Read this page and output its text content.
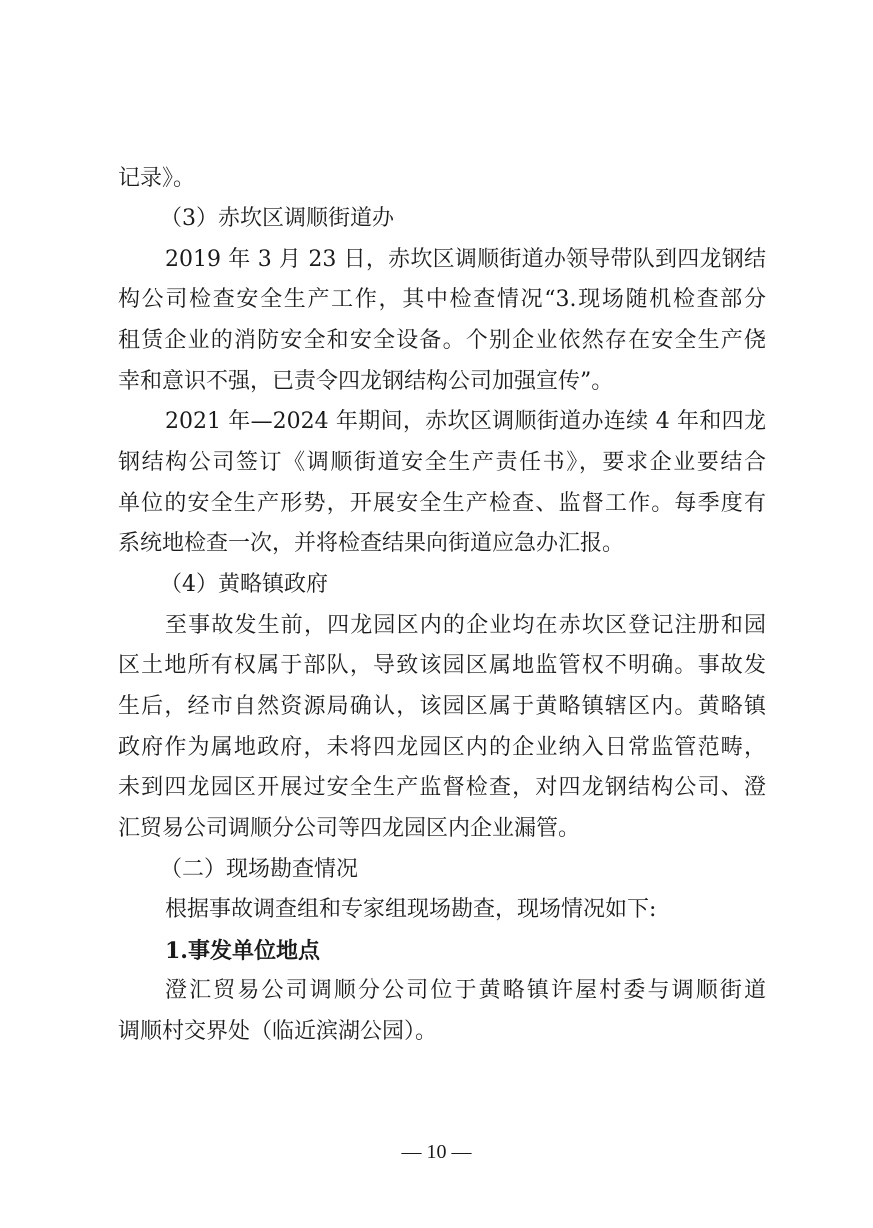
记录》。
（3）赤坎区调顺街道办
2019 年 3 月 23 日，赤坎区调顺街道办领导带队到四龙钢结
构公司检查安全生产工作，其中检查情况“3.现场随机检查部分
租赁企业的消防安全和安全设备。个别企业依然存在安全生产侥
幸和意识不强，已责令四龙钢结构公司加强宣传”。
2021 年—2024 年期间，赤坎区调顺街道办连续 4 年和四龙
钢结构公司签订《调顺街道安全生产责任书》，要求企业要结合
单位的安全生产形势，开展安全生产检查、监督工作。每季度有
系统地检查一次，并将检查结果向街道应急办汇报。
（4）黄略镇政府
至事故发生前，四龙园区内的企业均在赤坎区登记注册和园
区土地所有权属于部队，导致该园区属地监管权不明确。事故发
生后，经市自然资源局确认，该园区属于黄略镇辖区内。黄略镇
政府作为属地政府，未将四龙园区内的企业纳入日常监管范畴，
未到四龙园区开展过安全生产监督检查，对四龙钢结构公司、澄
汇贸易公司调顺分公司等四龙园区内企业漏管。
（二）现场勘查情况
根据事故调查组和专家组现场勘查，现场情况如下:
1.事发单位地点
澄汇贸易公司调顺分公司位于黄略镇许屋村委与调顺街道
调顺村交界处（临近滨湖公园）。
— 10 —
